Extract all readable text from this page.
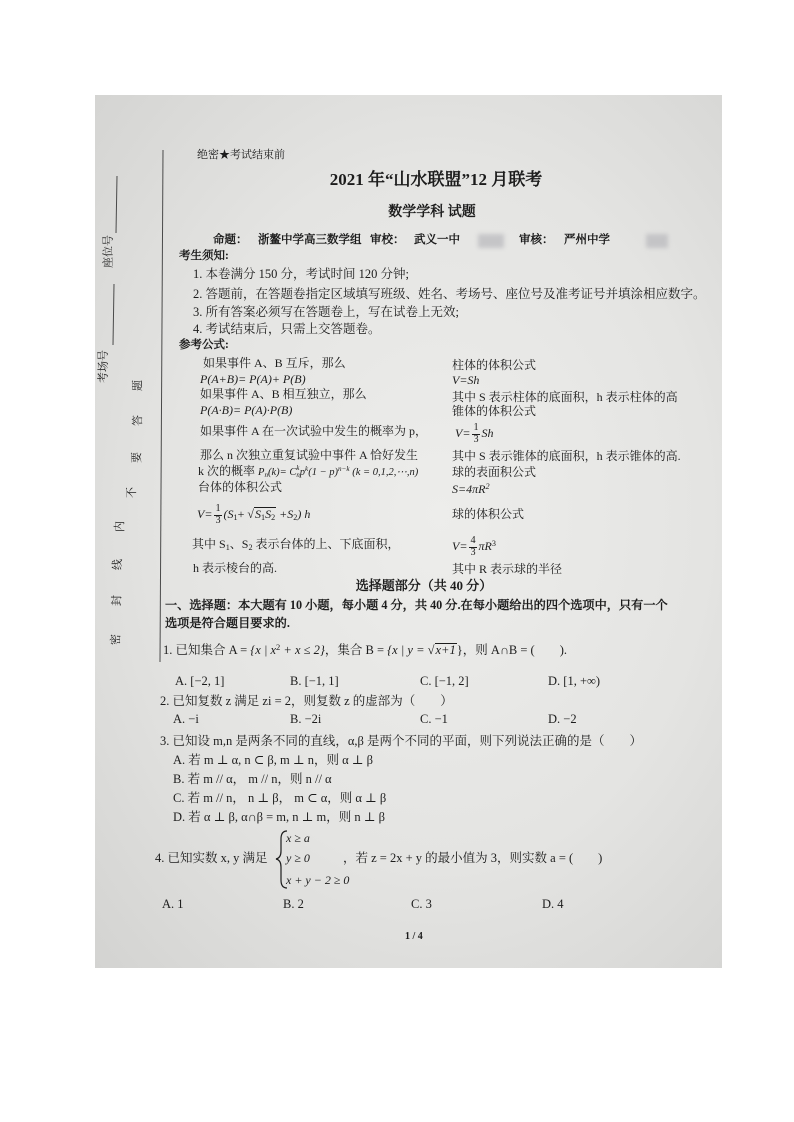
座位号
考场号
密
封
线
内
不
要
答
题
绝密★考试结束前
2021 年“山水联盟”12 月联考
数学学科 试题
命题： 浙鳌中学高三数学组 审校： 武义一中	审核： 严州中学
考生须知:
1. 本卷满分 150 分，考试时间 120 分钟;
2. 答题前，在答题卷指定区域填写班级、姓名、考场号、座位号及准考证号并填涂相应数字。
3. 所有答案必须写在答题卷上，写在试卷上无效;
4. 考试结束后，只需上交答题卷。
参考公式:
如果事件 A、B 互斥，那么
P(A+B)= P(A)+ P(B)
如果事件 A、B 相互独立，那么
P(A·B)= P(A)·P(B)
如果事件 A 在一次试验中发生的概率为 p，
那么 n 次独立重复试验中事件 A 恰好发生
k 次的概率 $P_n(k)= C$ k
n $p^k(1 - p)^{n-k}$ (k = 0,1,2,⋯,n)
台体的体积公式
$V= \frac{1}{3} (S_1+ √S_1S_2 +S_2)$ h
其中 $S_1$、$S_2$ 表示台体的上、下底面积，
h 表示棱台的高.
柱体的体积公式
V=Sh
其中 S 表示柱体的底面积，h 表示柱体的高
锥体的体积公式
$V= \frac{1}{3}$ Sh
其中 S 表示锥体的底面积，h 表示锥体的高.
球的表面积公式
$S=4\pi R^2$
球的体积公式
$V= \frac{4}{3} \pi R^3$
其中 R 表示球的半径
选择题部分（共 40 分）
一、选择题：本大题有 10 小题，每小题 4 分，共 40 分.在每小题给出的四个选项中，只有一个
选项是符合题目要求的.
1. 已知集合 A = {x | $x^2 + x \le 2$}，集合 B = {x | y = √x+1}，则 A∩B = (　　).
A. [−2, 1]	B. [−1, 1]	C. [−1, 2]	D. [1, +∞)
2. 已知复数 z 满足 zi = 2，则复数 z 的虚部为（　　）
A. −i	B. −2i	C. −1	D. −2
3. 已知设 m,n 是两条不同的直线，α,β 是两个不同的平面，则下列说法正确的是（　　）
A. 若 m ⊥ α, n ⊂ β, m ⊥ n，则 α ⊥ β
B. 若 m // α， m // n，则 n // α
C. 若 m // n， n ⊥ β， m ⊂ α，则 α ⊥ β
D. 若 α ⊥ β, α∩β = m, n ⊥ m，则 n ⊥ β
4. 已知实数 x, y 满足
x ≥ a
y ≥ 0
x + y − 2 ≥ 0
，若 z = 2x + y 的最小值为 3，则实数 a = (　　)
A. 1	B. 2	C. 3	D. 4
1 / 4
